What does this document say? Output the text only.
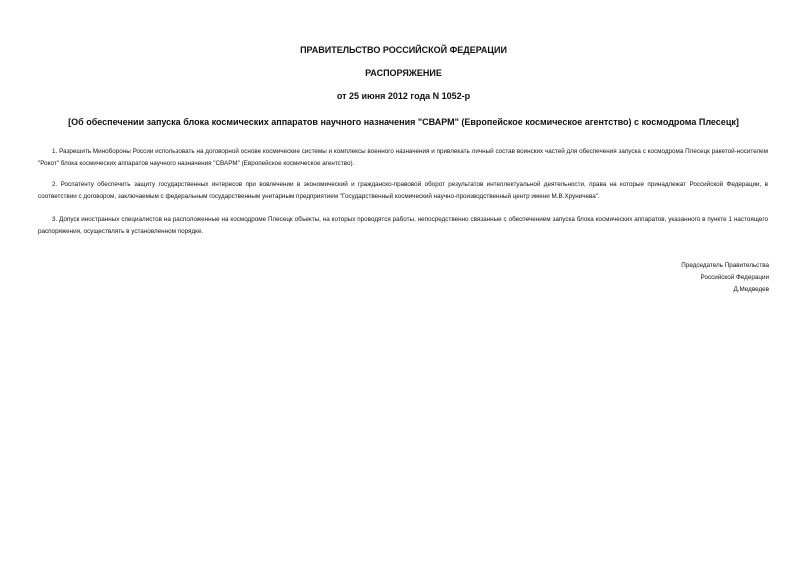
ПРАВИТЕЛЬСТВО РОССИЙСКОЙ ФЕДЕРАЦИИ
РАСПОРЯЖЕНИЕ
от 25 июня 2012 года N 1052-р
[Об обеспечении запуска блока космических аппаратов научного назначения "СВАРМ" (Европейское космическое агентство) с космодрома Плесецк]

1. Разрешить Минобороны России использовать на договорной основе космические системы и комплексы военного назначения и привлекать личный состав воинских частей для обеспечения запуска с космодрома Плесецк ракетой-носителем "Рокот" блока космических аппаратов научного назначения "СВАРМ" (Европейское космическое агентство).

2. Роспатенту обеспечить защиту государственных интересов при вовлечении в экономический и гражданско-правовой оборот результатов интеллектуальной деятельности, права на которые принадлежат Российской Федерации, в соответствии с договором, заключаемым с федеральным государственным унитарным предприятием "Государственный космический научно-производственный центр имени М.В.Хруничева".

3. Допуск иностранных специалистов на расположенные на космодроме Плесецк объекты, на которых проводятся работы, непосредственно связанные с обеспечением запуска блока космических аппаратов, указанного в пункте 1 настоящего распоряжения, осуществлять в установленном порядке.

Председатель Правительства
Российской Федерации
Д.Медведев
